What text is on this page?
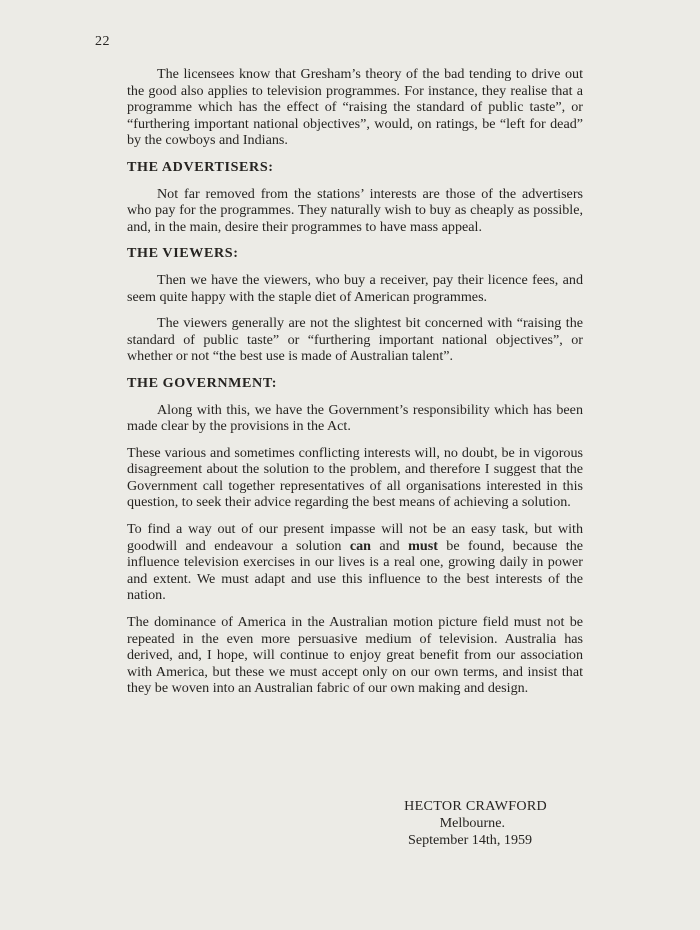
22

The licensees know that Gresham’s theory of the bad tending to drive out the good also applies to television programmes. For instance, they realise that a programme which has the effect of “raising the standard of public taste”, or “furthering important national objectives”, would, on ratings, be “left for dead” by the cowboys and Indians.

THE ADVERTISERS:

Not far removed from the stations’ interests are those of the advertisers who pay for the programmes. They naturally wish to buy as cheaply as possible, and, in the main, desire their programmes to have mass appeal.

THE VIEWERS:

Then we have the viewers, who buy a receiver, pay their licence fees, and seem quite happy with the staple diet of American programmes.

The viewers generally are not the slightest bit concerned with “raising the standard of public taste” or “furthering important national objectives”, or whether or not “the best use is made of Australian talent”.

THE GOVERNMENT:

Along with this, we have the Government’s responsibility which has been made clear by the provisions in the Act.

These various and sometimes conflicting interests will, no doubt, be in vigorous disagreement about the solution to the problem, and therefore I suggest that the Government call together representatives of all organisations interested in this question, to seek their advice regarding the best means of achieving a solution.

To find a way out of our present impasse will not be an easy task, but with goodwill and endeavour a solution can and must be found, because the influence television exercises in our lives is a real one, growing daily in power and extent. We must adapt and use this influence to the best interests of the nation.

The dominance of America in the Australian motion picture field must not be repeated in the even more persuasive medium of television. Australia has derived, and, I hope, will continue to enjoy great benefit from our association with America, but these we must accept only on our own terms, and insist that they be woven into an Australian fabric of our own making and design.

HECTOR CRAWFORD
Melbourne.
September 14th, 1959
